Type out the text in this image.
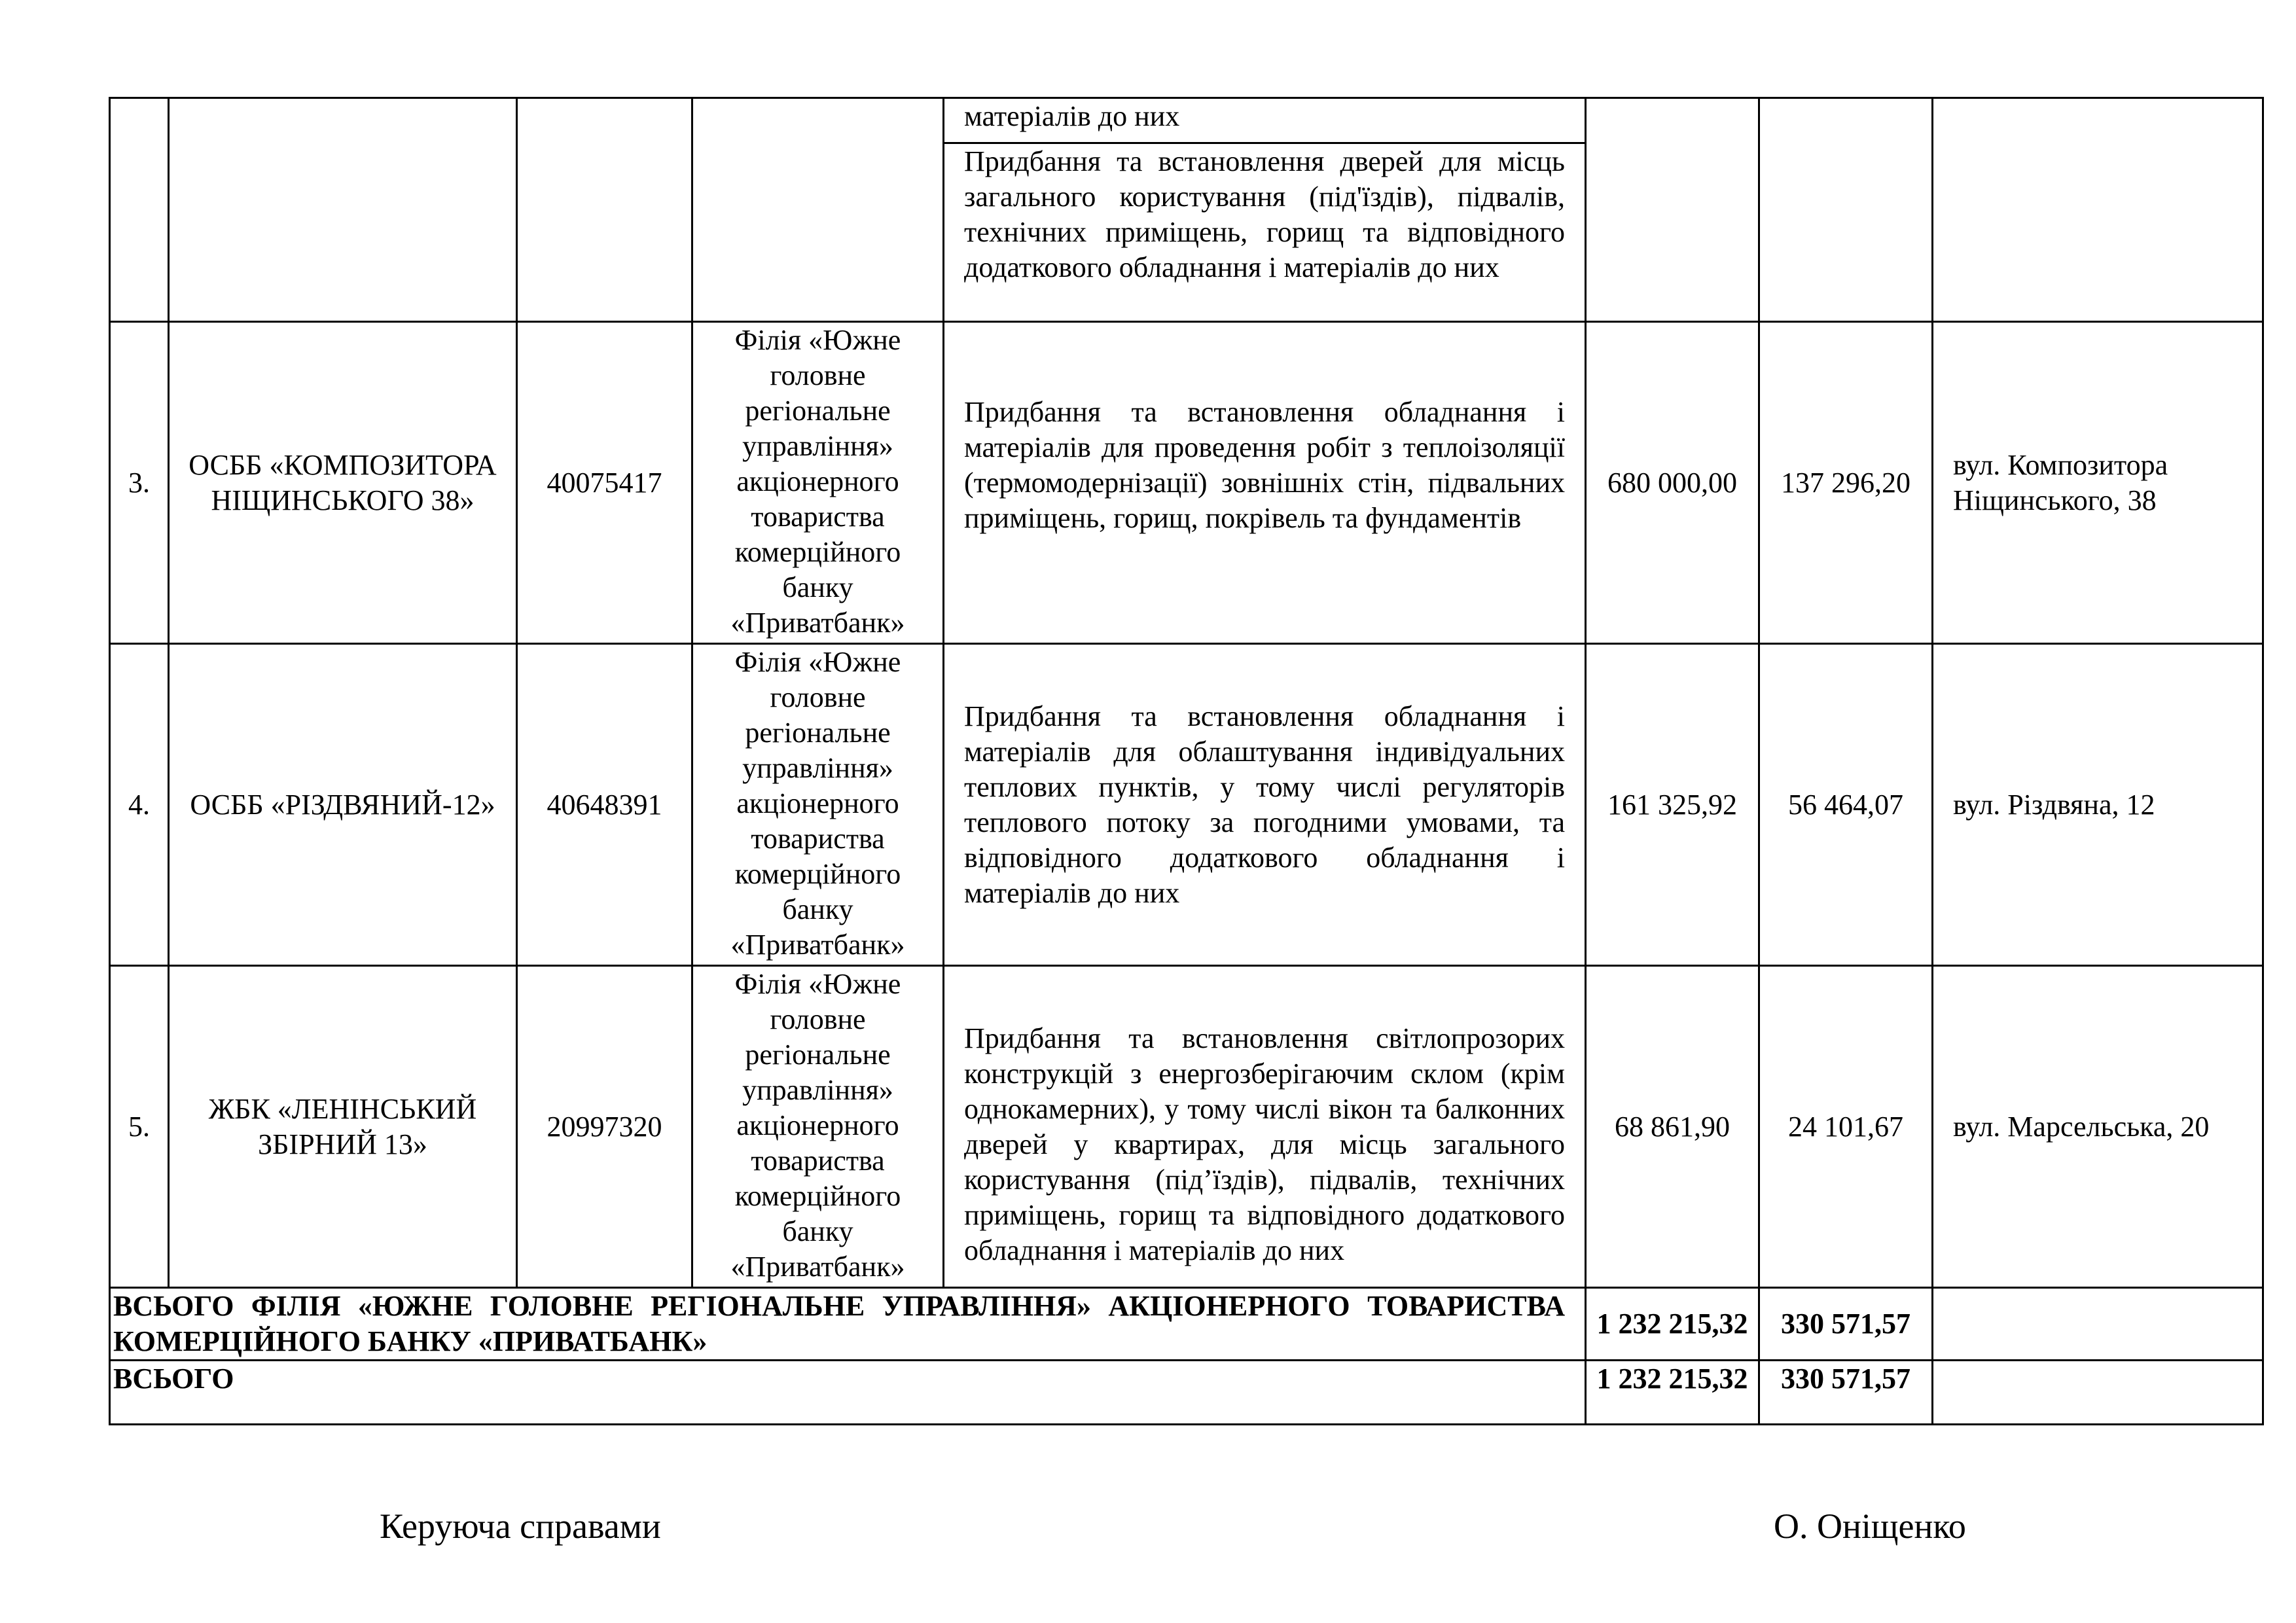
				матеріалів до них			
				Придбання та встановлення дверей для місць загального користування (під'їздів), підвалів, технічних приміщень, горищ та відповідного додаткового обладнання і матеріалів до них			
3.	ОСББ «КОМПОЗИТОРА НІЩИНСЬКОГО 38»	40075417	Філія «Южне головне регіональне управління» акціонерного товариства комерційного банку «Приватбанк»	Придбання та встановлення обладнання і матеріалів для проведення робіт з теплоізоляції (термомодернізації) зовнішніх стін, підвальних приміщень, горищ, покрівель та фундаментів	680 000,00	137 296,20	вул. Композитора Ніщинського, 38
4.	ОСББ «РІЗДВЯНИЙ-12»	40648391	Філія «Южне головне регіональне управління» акціонерного товариства комерційного банку «Приватбанк»	Придбання та встановлення обладнання і матеріалів для облаштування індивідуальних теплових пунктів, у тому числі регуляторів теплового потоку за погодними умовами, та відповідного додаткового обладнання і матеріалів до них	161 325,92	56 464,07	вул. Різдвяна, 12
5.	ЖБК «ЛЕНІНСЬКИЙ ЗБІРНИЙ 13»	20997320	Філія «Южне головне регіональне управління» акціонерного товариства комерційного банку «Приватбанк»	Придбання та встановлення світлопрозорих конструкцій з енергозберігаючим склом (крім однокамерних), у тому числі вікон та балконних дверей у квартирах, для місць загального користування (під’їздів), підвалів, технічних приміщень, горищ та відповідного додаткового обладнання і матеріалів до них	68 861,90	24 101,67	вул. Марсельська, 20
ВСЬОГО ФІЛІЯ «ЮЖНЕ ГОЛОВНЕ РЕГІОНАЛЬНЕ УПРАВЛІННЯ» АКЦІОНЕРНОГО ТОВАРИСТВА КОМЕРЦІЙНОГО БАНКУ «ПРИВАТБАНК»					1 232 215,32	330 571,57	
ВСЬОГО					1 232 215,32	330 571,57	
Керуюча справами	О. Оніщенко
